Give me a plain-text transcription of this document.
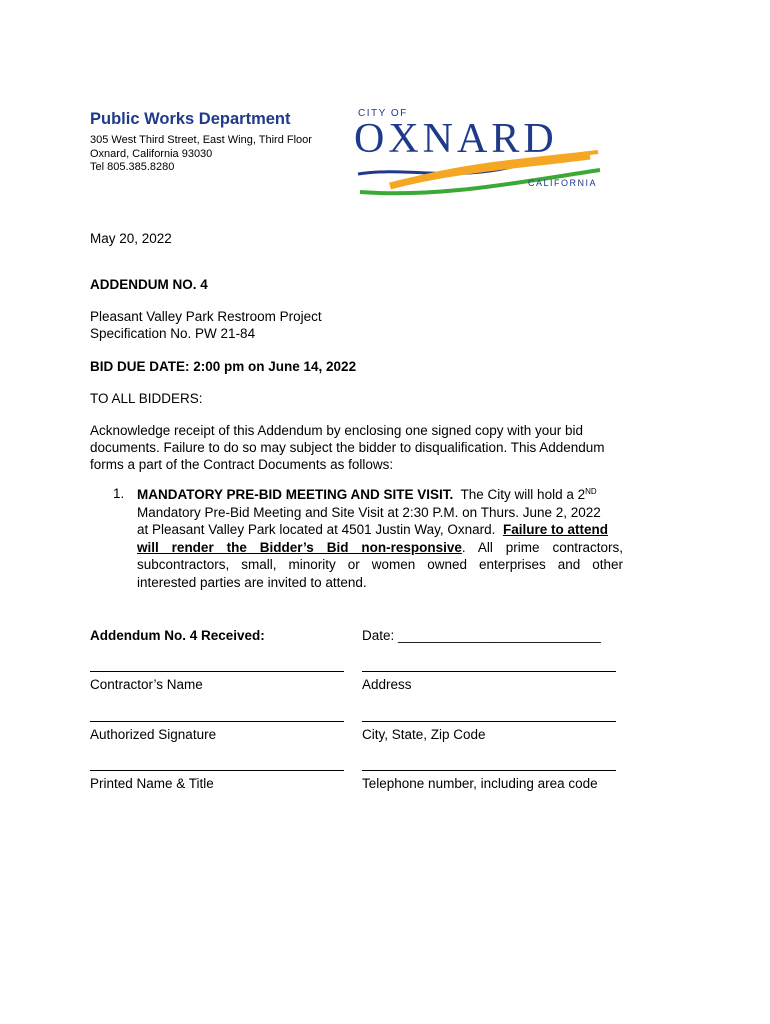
Public Works Department
305 West Third Street, East Wing, Third Floor
Oxnard, California 93030
Tel 805.385.8280
CITY OF
OXNARD
CALIFORNIA
May 20, 2022
ADDENDUM NO. 4
Pleasant Valley Park Restroom Project
Specification No. PW 21-84
BID DUE DATE: 2:00 pm on June 14, 2022
TO ALL BIDDERS:
Acknowledge receipt of this Addendum by enclosing one signed copy with your bid
documents. Failure to do so may subject the bidder to disqualification. This Addendum
forms a part of the Contract Documents as follows:
1. MANDATORY PRE-BID MEETING AND SITE VISIT. The City will hold a 2ND
Mandatory Pre-Bid Meeting and Site Visit at 2:30 P.M. on Thurs. June 2, 2022
at Pleasant Valley Park located at 4501 Justin Way, Oxnard. Failure to attend
will render the Bidder’s Bid non-responsive. All prime contractors,
subcontractors, small, minority or women owned enterprises and other
interested parties are invited to attend.
Addendum No. 4 Received:	Date: ___________________________
Contractor’s Name	Address
Authorized Signature	City, State, Zip Code
Printed Name & Title	Telephone number, including area code
